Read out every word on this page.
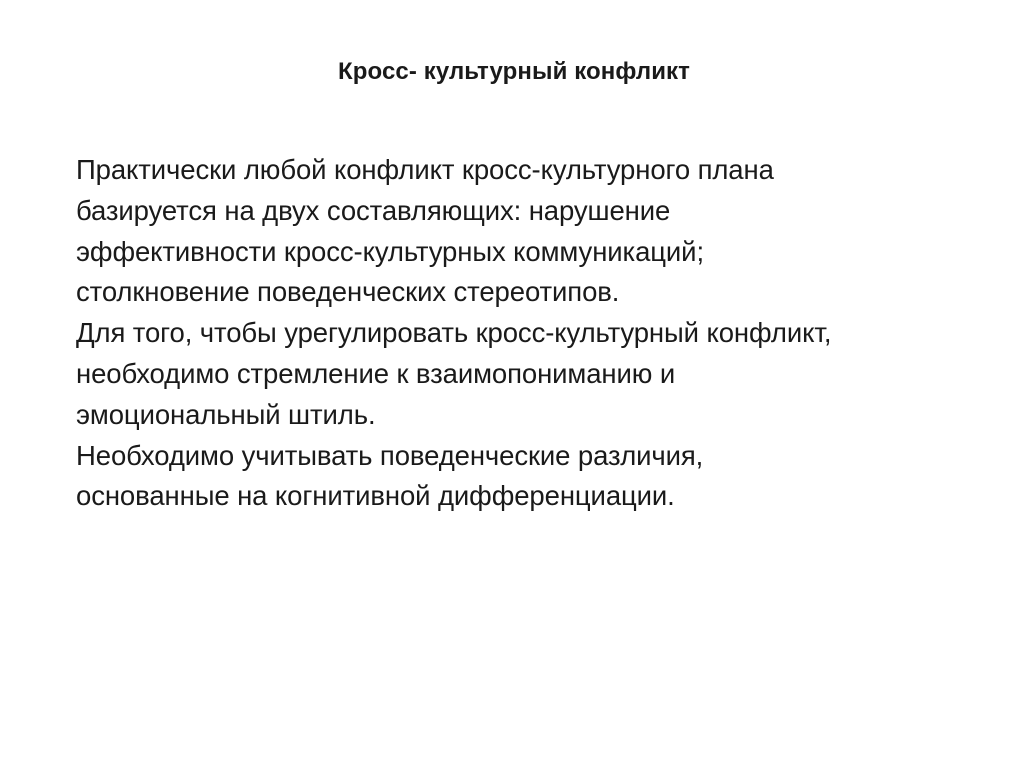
Кросс- культурный конфликт
Практически любой конфликт кросс-культурного плана
базируется на двух составляющих: нарушение
эффективности кросс-культурных коммуникаций;
столкновение поведенческих стереотипов.
Для того, чтобы урегулировать кросс-культурный конфликт,
необходимо стремление к взаимопониманию и
эмоциональный штиль.
Необходимо учитывать поведенческие различия,
основанные на когнитивной дифференциации.
